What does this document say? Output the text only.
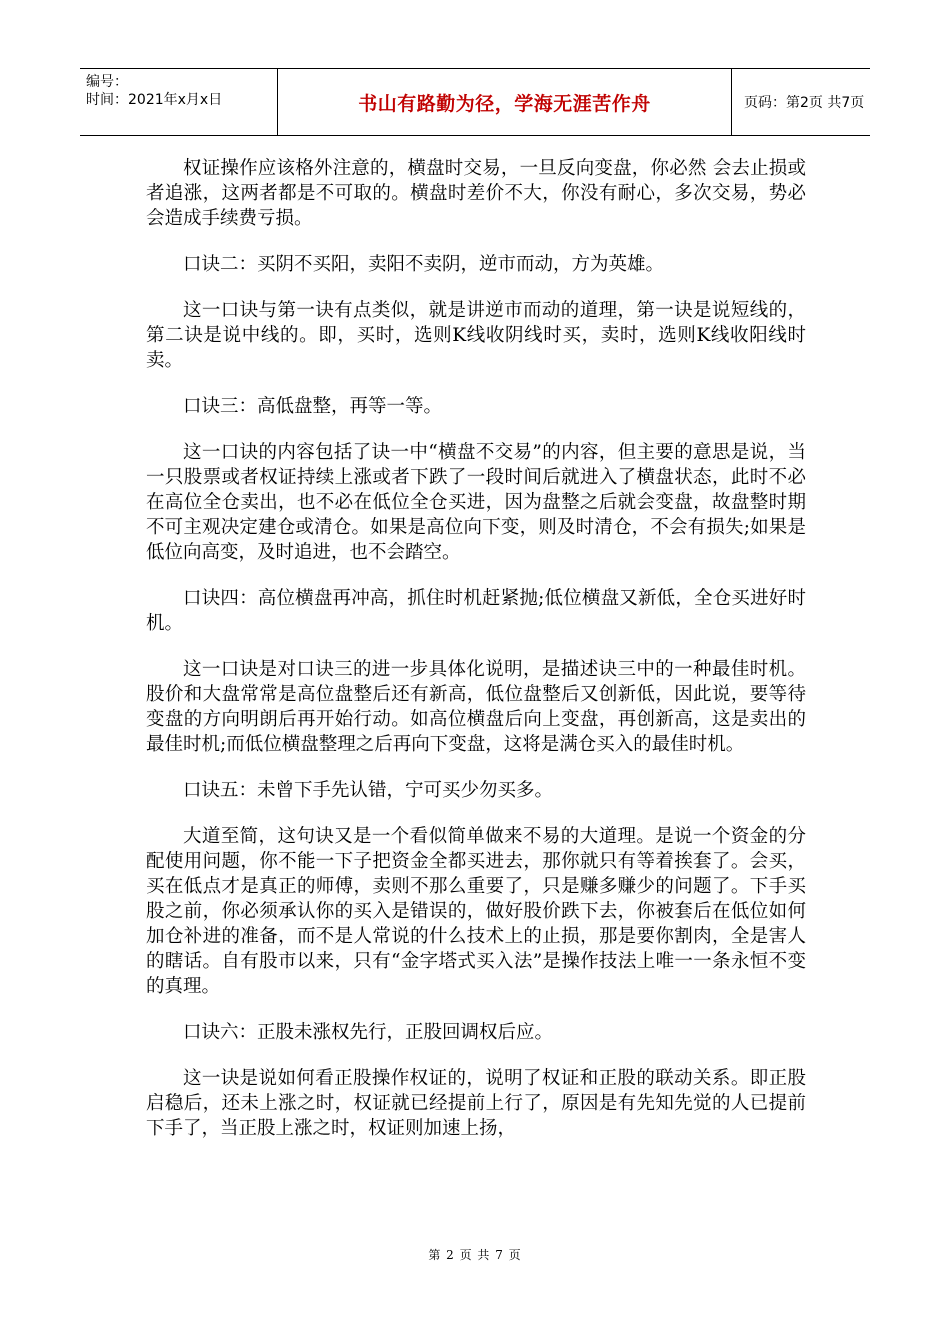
编号：
时间：2021年x月x日	书山有路勤为径，学海无涯苦作舟	页码：第2页 共7页

权证操作应该格外注意的，横盘时交易，一旦反向变盘，你必然 会去止损或者追涨，这两者都是不可取的。横盘时差价不大，你没有耐心，多次交易，势必会造成手续费亏损。

口诀二：买阴不买阳，卖阳不卖阴，逆市而动，方为英雄。

这一口诀与第一诀有点类似，就是讲逆市而动的道理，第一诀是说短线的，第二诀是说中线的。即，买时，选则K线收阴线时买，卖时，选则K线收阳线时卖。

口诀三：高低盘整，再等一等。

这一口诀的内容包括了诀一中“横盘不交易”的内容，但主要的意思是说，当一只股票或者权证持续上涨或者下跌了一段时间后就进入了横盘状态，此时不必在高位全仓卖出，也不必在低位全仓买进，因为盘整之后就会变盘，故盘整时期不可主观决定建仓或清仓。如果是高位向下变，则及时清仓，不会有损失;如果是低位向高变，及时追进，也不会踏空。

口诀四：高位横盘再冲高，抓住时机赶紧抛;低位横盘又新低，全仓买进好时机。

这一口诀是对口诀三的进一步具体化说明，是描述诀三中的一种最佳时机。股价和大盘常常是高位盘整后还有新高，低位盘整后又创新低，因此说，要等待变盘的方向明朗后再开始行动。如高位横盘后向上变盘，再创新高，这是卖出的最佳时机;而低位横盘整理之后再向下变盘，这将是满仓买入的最佳时机。

口诀五：未曾下手先认错，宁可买少勿买多。

大道至简，这句诀又是一个看似简单做来不易的大道理。是说一个资金的分配使用问题，你不能一下子把资金全都买进去，那你就只有等着挨套了。会买，买在低点才是真正的师傅，卖则不那么重要了，只是赚多赚少的问题了。下手买股之前，你必须承认你的买入是错误的，做好股价跌下去，你被套后在低位如何加仓补进的准备，而不是人常说的什么技术上的止损，那是要你割肉，全是害人的瞎话。自有股市以来，只有“金字塔式买入法”是操作技法上唯一一条永恒不变的真理。

口诀六：正股未涨权先行，正股回调权后应。

这一诀是说如何看正股操作权证的，说明了权证和正股的联动关系。即正股启稳后，还未上涨之时，权证就已经提前上行了，原因是有先知先觉的人已提前下手了，当正股上涨之时，权证则加速上扬，

第 2 页 共 7 页
